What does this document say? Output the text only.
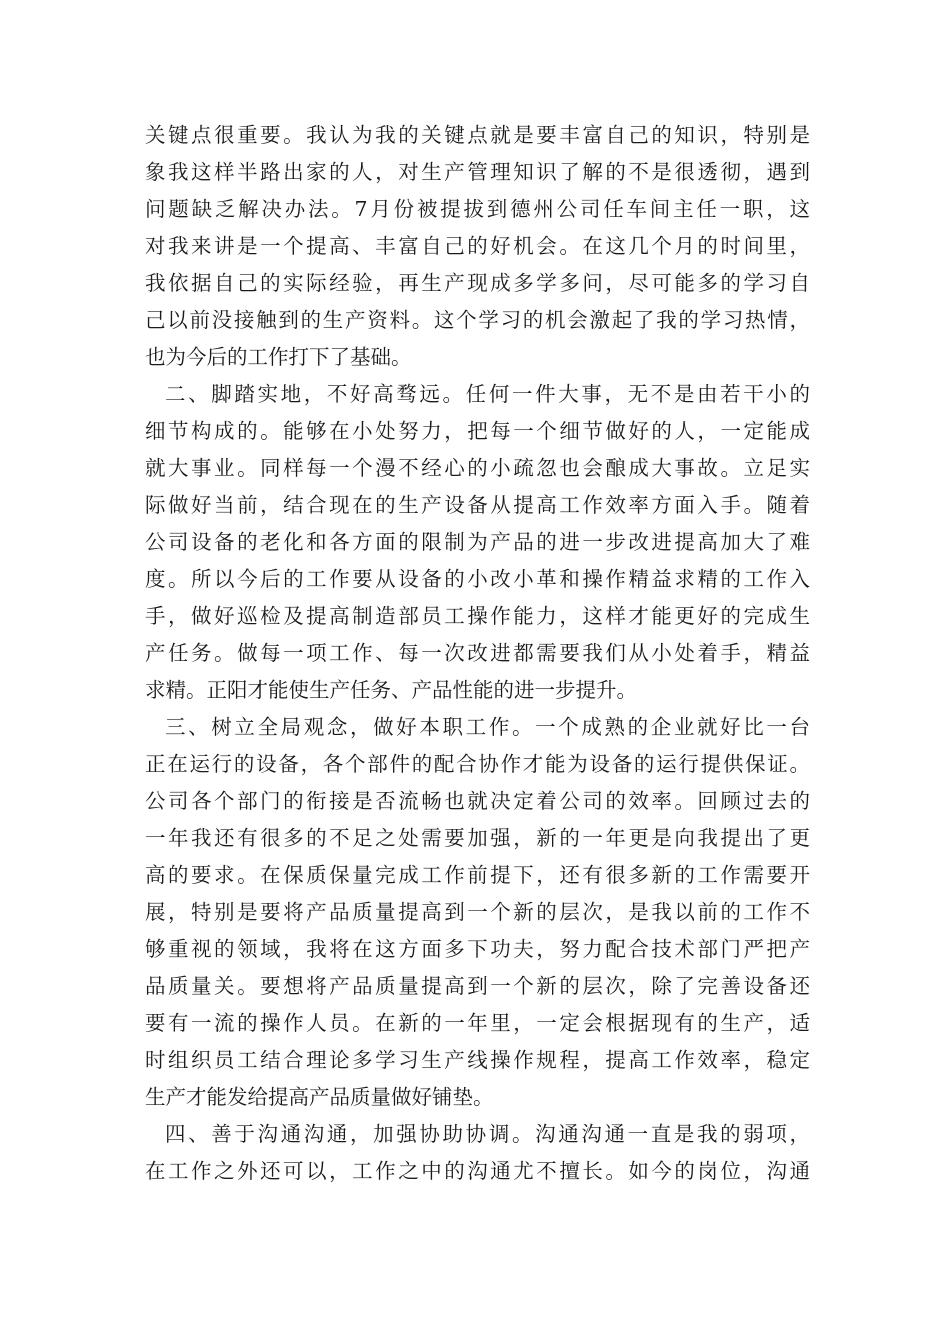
关键点很重要。我认为我的关键点就是要丰富自己的知识，特别是
象我这样半路出家的人，对生产管理知识了解的不是很透彻，遇到
问题缺乏解决办法。7月份被提拔到德州公司任车间主任一职，这
对我来讲是一个提高、丰富自己的好机会。在这几个月的时间里，
我依据自己的实际经验，再生产现成多学多问，尽可能多的学习自
己以前没接触到的生产资料。这个学习的机会激起了我的学习热情，
也为今后的工作打下了基础。
二、脚踏实地，不好高骛远。任何一件大事，无不是由若干小的
细节构成的。能够在小处努力，把每一个细节做好的人，一定能成
就大事业。同样每一个漫不经心的小疏忽也会酿成大事故。立足实
际做好当前，结合现在的生产设备从提高工作效率方面入手。随着
公司设备的老化和各方面的限制为产品的进一步改进提高加大了难
度。所以今后的工作要从设备的小改小革和操作精益求精的工作入
手，做好巡检及提高制造部员工操作能力，这样才能更好的完成生
产任务。做每一项工作、每一次改进都需要我们从小处着手，精益
求精。正阳才能使生产任务、产品性能的进一步提升。
三、树立全局观念，做好本职工作。一个成熟的企业就好比一台
正在运行的设备，各个部件的配合协作才能为设备的运行提供保证。
公司各个部门的衔接是否流畅也就决定着公司的效率。回顾过去的
一年我还有很多的不足之处需要加强，新的一年更是向我提出了更
高的要求。在保质保量完成工作前提下，还有很多新的工作需要开
展，特别是要将产品质量提高到一个新的层次，是我以前的工作不
够重视的领域，我将在这方面多下功夫，努力配合技术部门严把产
品质量关。要想将产品质量提高到一个新的层次，除了完善设备还
要有一流的操作人员。在新的一年里，一定会根据现有的生产，适
时组织员工结合理论多学习生产线操作规程，提高工作效率，稳定
生产才能发给提高产品质量做好铺垫。
四、善于沟通沟通，加强协助协调。沟通沟通一直是我的弱项，
在工作之外还可以，工作之中的沟通尤不擅长。如今的岗位，沟通
